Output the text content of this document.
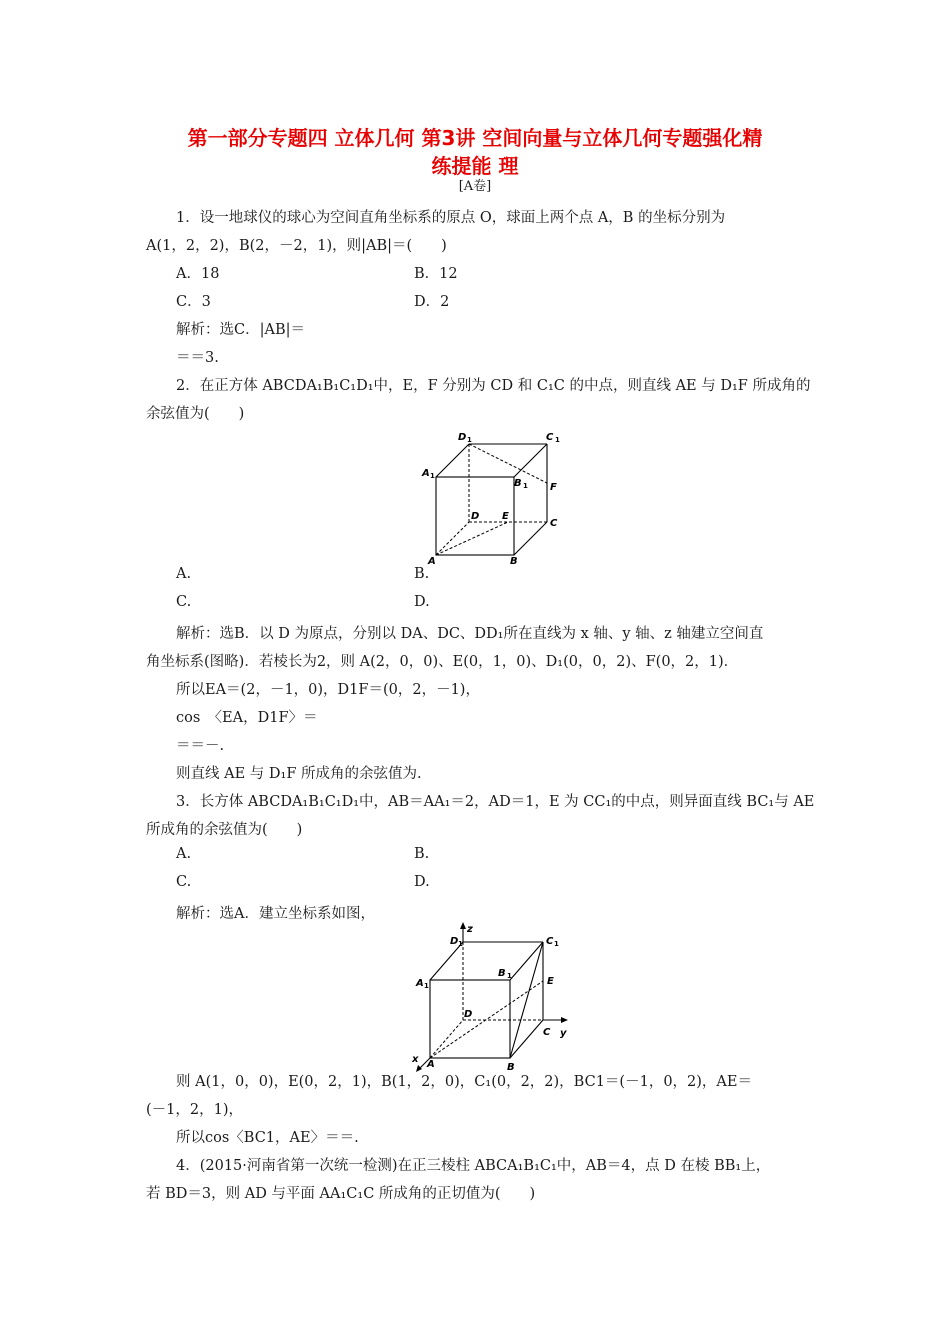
第一部分专题四 立体几何 第3讲 空间向量与立体几何专题强化精
练提能 理
[A卷]
1．设一地球仪的球心为空间直角坐标系的原点 O，球面上两个点 A，B 的坐标分别为
A(1，2，2)，B(2，－2，1)，则|AB|＝(　　)
A．18	B．12
C．3	D．2
解析：选C．|AB|＝
＝＝3.
2．在正方体 ABCDA₁B₁C₁D₁中，E，F 分别为 CD 和 C₁C 的中点，则直线 AE 与 D₁F 所成角的
余弦值为(　　)
D 1	C 1
A 1
B 1 F
D E
C
A	B
A.	B.
C.	D.
解析：选B．以 D 为原点，分别以 DA、DC、DD₁所在直线为 x 轴、y 轴、z 轴建立空间直
角坐标系(图略)．若棱长为2，则 A(2，0，0)、E(0，1，0)、D₁(0，0，2)、F(0，2，1)．
所以EA＝(2，－1，0)，D1F＝(0，2，－1)，
cos　〈EA，D1F〉＝
＝＝－.
则直线 AE 与 D₁F 所成角的余弦值为.
3．长方体 ABCDA₁B₁C₁D₁中，AB＝AA₁＝2，AD＝1，E 为 CC₁的中点，则异面直线 BC₁与 AE
所成角的余弦值为(　　)
A.	B.
C.	D.
解析：选A．建立坐标系如图，
z
D 1	C 1
A 1
B 1	E
D
C y
A	B
x
则 A(1，0，0)，E(0，2，1)，B(1，2，0)，C₁(0，2，2)，BC1＝(－1，0，2)，AE＝
(－1，2，1)，
所以cos〈BC1，AE〉＝＝.
4．(2015·河南省第一次统一检测)在正三棱柱 ABCA₁B₁C₁中，AB＝4，点 D 在棱 BB₁上，
若 BD＝3，则 AD 与平面 AA₁C₁C 所成角的正切值为(　　)
